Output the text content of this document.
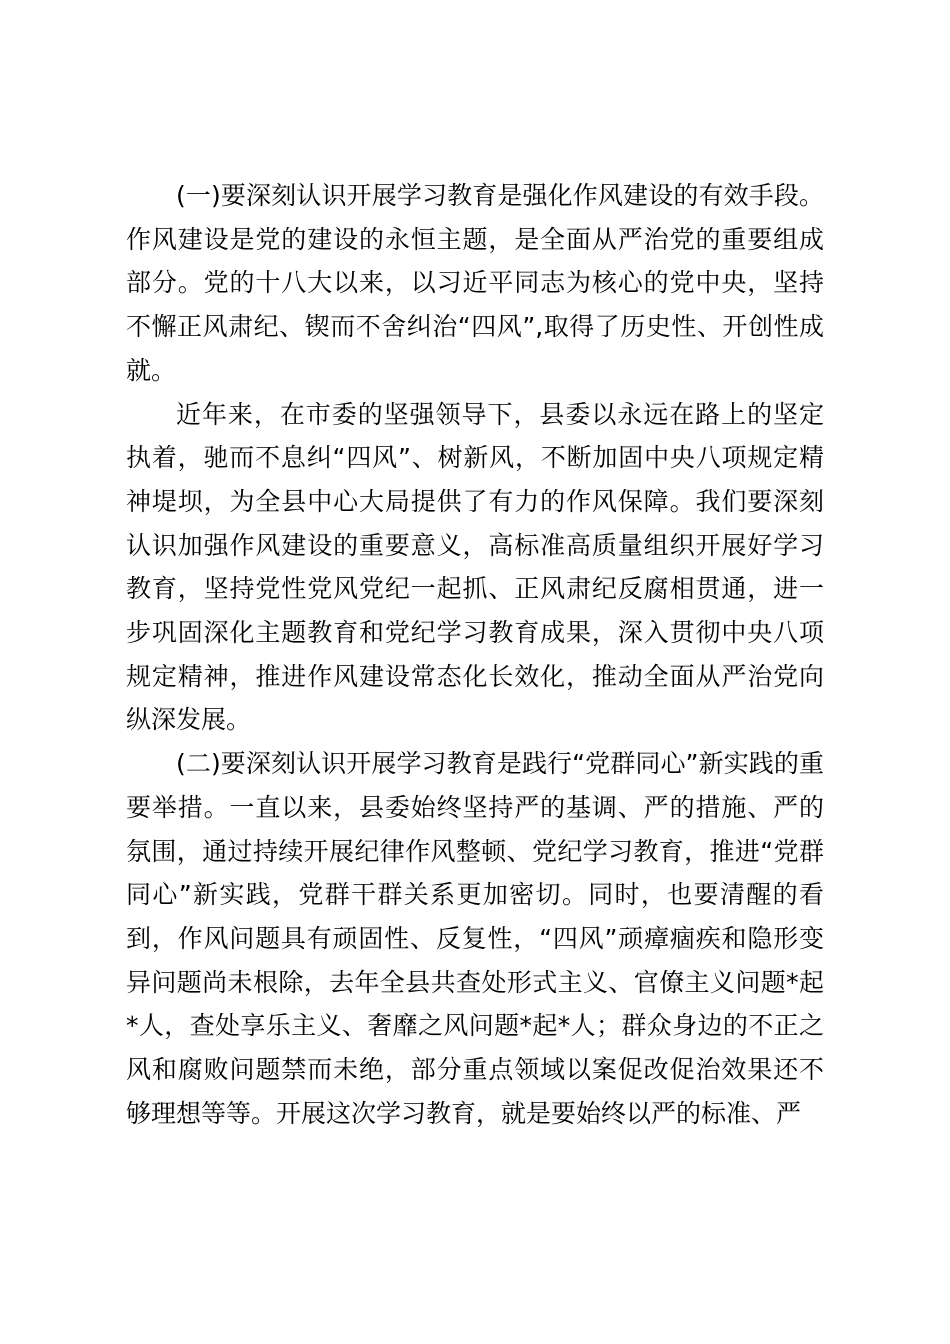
(一)要深刻认识开展学习教育是强化作风建设的有效手段。作风建设是党的建设的永恒主题，是全面从严治党的重要组成部分。党的十八大以来，以习近平同志为核心的党中央，坚持不懈正风肃纪、锲而不舍纠治“四风”,取得了历史性、开创性成就。

近年来，在市委的坚强领导下，县委以永远在路上的坚定执着，驰而不息纠“四风”、树新风，不断加固中央八项规定精神堤坝，为全县中心大局提供了有力的作风保障。我们要深刻认识加强作风建设的重要意义，高标准高质量组织开展好学习教育，坚持党性党风党纪一起抓、正风肃纪反腐相贯通，进一步巩固深化主题教育和党纪学习教育成果，深入贯彻中央八项规定精神，推进作风建设常态化长效化，推动全面从严治党向纵深发展。

(二)要深刻认识开展学习教育是践行“党群同心”新实践的重要举措。一直以来，县委始终坚持严的基调、严的措施、严的氛围，通过持续开展纪律作风整顿、党纪学习教育，推进“党群同心”新实践，党群干群关系更加密切。同时，也要清醒的看到，作风问题具有顽固性、反复性，“四风”顽瘴痼疾和隐形变异问题尚未根除，去年全县共查处形式主义、官僚主义问题*起*人，查处享乐主义、奢靡之风问题*起*人；群众身边的不正之风和腐败问题禁而未绝，部分重点领域以案促改促治效果还不够理想等等。开展这次学习教育，就是要始终以严的标准、严
